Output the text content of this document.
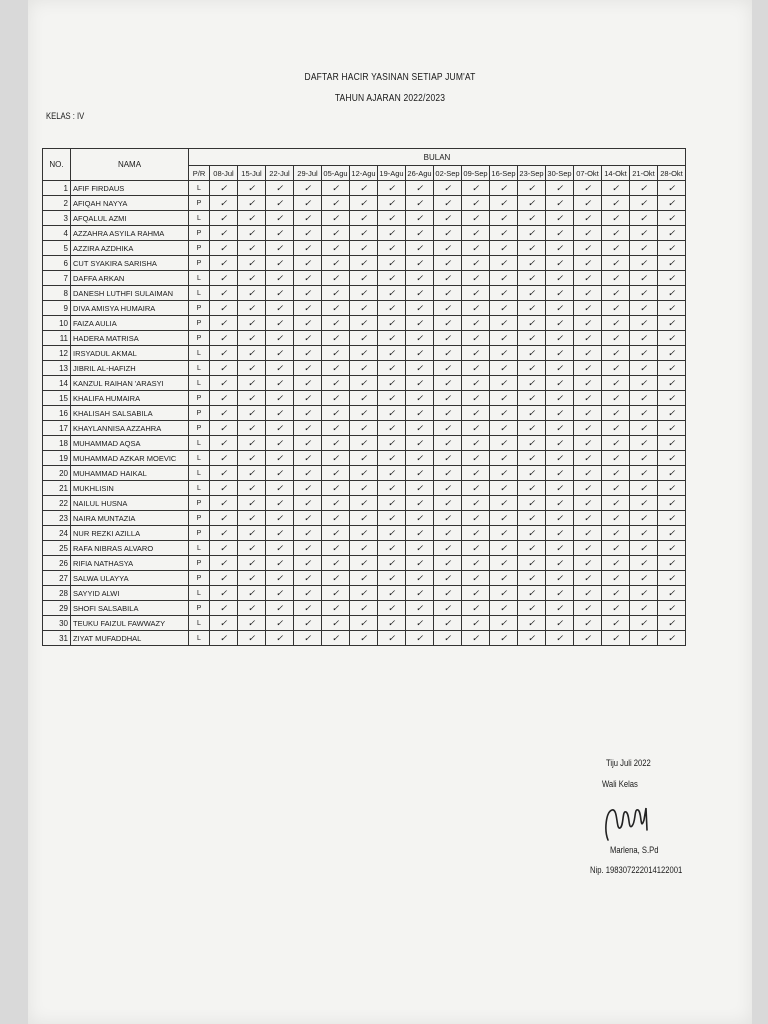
DAFTAR HACIR YASINAN SETIAP JUM'AT
TAHUN AJARAN 2022/2023
KELAS : IV
NO.	NAMA	BULAN																	
		P/R	08-Jul	15-Jul	22-Jul	29-Jul	05-Agu	12-Agu	19-Agu	26-Agu	02-Sep	09-Sep	16-Sep	23-Sep	30-Sep	07-Okt	14-Okt	21-Okt	28-Okt
1	AFIF FIRDAUS	L	✓	✓	✓	✓	✓	✓	✓	✓	✓	✓	✓	✓	✓	✓	✓	✓	✓
2	AFIQAH NAYYA	P	✓	✓	✓	✓	✓	✓	✓	✓	✓	✓	✓	✓	✓	✓	✓	✓	✓
3	AFQALUL AZMI	L	✓	✓	✓	✓	✓	✓	✓	✓	✓	✓	✓	✓	✓	✓	✓	✓	✓
4	AZZAHRA ASYILA RAHMA	P	✓	✓	✓	✓	✓	✓	✓	✓	✓	✓	✓	✓	✓	✓	✓	✓	✓
5	AZZIRA AZDHIKA	P	✓	✓	✓	✓	✓	✓	✓	✓	✓	✓	✓	✓	✓	✓	✓	✓	✓
6	CUT SYAKIRA SARISHA	P	✓	✓	✓	✓	✓	✓	✓	✓	✓	✓	✓	✓	✓	✓	✓	✓	✓
7	DAFFA ARKAN	L	✓	✓	✓	✓	✓	✓	✓	✓	✓	✓	✓	✓	✓	✓	✓	✓	✓
8	DANESH LUTHFI SULAIMAN	L	✓	✓	✓	✓	✓	✓	✓	✓	✓	✓	✓	✓	✓	✓	✓	✓	✓
9	DIVA AMISYA HUMAIRA	P	✓	✓	✓	✓	✓	✓	✓	✓	✓	✓	✓	✓	✓	✓	✓	✓	✓
10	FAIZA AULIA	P	✓	✓	✓	✓	✓	✓	✓	✓	✓	✓	✓	✓	✓	✓	✓	✓	✓
11	HADERA MATRISA	P	✓	✓	✓	✓	✓	✓	✓	✓	✓	✓	✓	✓	✓	✓	✓	✓	✓
12	IRSYADUL AKMAL	L	✓	✓	✓	✓	✓	✓	✓	✓	✓	✓	✓	✓	✓	✓	✓	✓	✓
13	JIBRIL AL-HAFIZH	L	✓	✓	✓	✓	✓	✓	✓	✓	✓	✓	✓	✓	✓	✓	✓	✓	✓
14	KANZUL RAIHAN 'ARASYI	L	✓	✓	✓	✓	✓	✓	✓	✓	✓	✓	✓	✓	✓	✓	✓	✓	✓
15	KHALIFA HUMAIRA	P	✓	✓	✓	✓	✓	✓	✓	✓	✓	✓	✓	✓	✓	✓	✓	✓	✓
16	KHALISAH SALSABILA	P	✓	✓	✓	✓	✓	✓	✓	✓	✓	✓	✓	✓	✓	✓	✓	✓	✓
17	KHAYLANNISA AZZAHRA	P	✓	✓	✓	✓	✓	✓	✓	✓	✓	✓	✓	✓	✓	✓	✓	✓	✓
18	MUHAMMAD AQSA	L	✓	✓	✓	✓	✓	✓	✓	✓	✓	✓	✓	✓	✓	✓	✓	✓	✓
19	MUHAMMAD AZKAR MOEVIC	L	✓	✓	✓	✓	✓	✓	✓	✓	✓	✓	✓	✓	✓	✓	✓	✓	✓
20	MUHAMMAD HAIKAL	L	✓	✓	✓	✓	✓	✓	✓	✓	✓	✓	✓	✓	✓	✓	✓	✓	✓
21	MUKHLISIN	L	✓	✓	✓	✓	✓	✓	✓	✓	✓	✓	✓	✓	✓	✓	✓	✓	✓
22	NAILUL HUSNA	P	✓	✓	✓	✓	✓	✓	✓	✓	✓	✓	✓	✓	✓	✓	✓	✓	✓
23	NAIRA MUNTAZIA	P	✓	✓	✓	✓	✓	✓	✓	✓	✓	✓	✓	✓	✓	✓	✓	✓	✓
24	NUR REZKI AZILLA	P	✓	✓	✓	✓	✓	✓	✓	✓	✓	✓	✓	✓	✓	✓	✓	✓	✓
25	RAFA NIBRAS ALVARO	L	✓	✓	✓	✓	✓	✓	✓	✓	✓	✓	✓	✓	✓	✓	✓	✓	✓
26	RIFIA NATHASYA	P	✓	✓	✓	✓	✓	✓	✓	✓	✓	✓	✓	✓	✓	✓	✓	✓	✓
27	SALWA ULAYYA	P	✓	✓	✓	✓	✓	✓	✓	✓	✓	✓	✓	✓	✓	✓	✓	✓	✓
28	SAYYID ALWI	L	✓	✓	✓	✓	✓	✓	✓	✓	✓	✓	✓	✓	✓	✓	✓	✓	✓
29	SHOFI SALSABILA	P	✓	✓	✓	✓	✓	✓	✓	✓	✓	✓	✓	✓	✓	✓	✓	✓	✓
30	TEUKU FAIZUL FAWWAZY	L	✓	✓	✓	✓	✓	✓	✓	✓	✓	✓	✓	✓	✓	✓	✓	✓	✓
31	ZIYAT MUFADDHAL	L	✓	✓	✓	✓	✓	✓	✓	✓	✓	✓	✓	✓	✓	✓	✓	✓	✓
Tiju Juli 2022
Wali Kelas
Marlena, S.Pd
Nip. 198307222014122001
